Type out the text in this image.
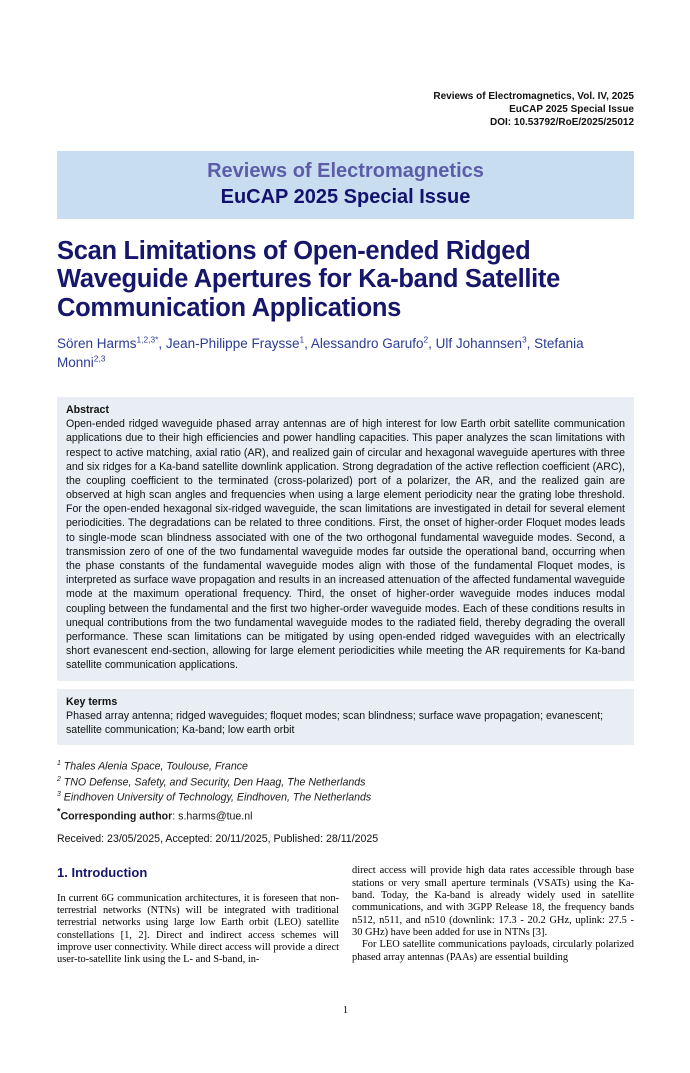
Reviews of Electromagnetics, Vol. IV, 2025
EuCAP 2025 Special Issue
DOI: 10.53792/RoE/2025/25012
Reviews of Electromagnetics
EuCAP 2025 Special Issue
Scan Limitations of Open-ended Ridged Waveguide Apertures for Ka-band Satellite Communication Applications
Sören Harms$^{1,2,3*}$, Jean-Philippe Fraysse$^1$, Alessandro Garufo$^2$, Ulf Johannsen$^3$, Stefania Monni$^{2,3}$
Abstract
Open-ended ridged waveguide phased array antennas are of high interest for low Earth orbit satellite communication applications due to their high efficiencies and power handling capacities. This paper analyzes the scan limitations with respect to active matching, axial ratio (AR), and realized gain of circular and hexagonal waveguide apertures with three and six ridges for a Ka-band satellite downlink application. Strong degradation of the active reflection coefficient (ARC), the coupling coefficient to the terminated (cross-polarized) port of a polarizer, the AR, and the realized gain are observed at high scan angles and frequencies when using a large element periodicity near the grating lobe threshold. For the open-ended hexagonal six-ridged waveguide, the scan limitations are investigated in detail for several element periodicities. The degradations can be related to three conditions. First, the onset of higher-order Floquet modes leads to single-mode scan blindness associated with one of the two orthogonal fundamental waveguide modes. Second, a transmission zero of one of the two fundamental waveguide modes far outside the operational band, occurring when the phase constants of the fundamental waveguide modes align with those of the fundamental Floquet modes, is interpreted as surface wave propagation and results in an increased attenuation of the affected fundamental waveguide mode at the maximum operational frequency. Third, the onset of higher-order waveguide modes induces modal coupling between the fundamental and the first two higher-order waveguide modes. Each of these conditions results in unequal contributions from the two fundamental waveguide modes to the radiated field, thereby degrading the overall performance. These scan limitations can be mitigated by using open-ended ridged waveguides with an electrically short evanescent end-section, allowing for large element periodicities while meeting the AR requirements for Ka-band satellite communication applications.
Key terms
Phased array antenna; ridged waveguides; floquet modes; scan blindness; surface wave propagation; evanescent; satellite communication; Ka-band; low earth orbit
$^1$ Thales Alenia Space, Toulouse, France
$^2$ TNO Defense, Safety, and Security, Den Haag, The Netherlands
$^3$ Eindhoven University of Technology, Eindhoven, The Netherlands
*Corresponding author: s.harms@tue.nl
Received: 23/05/2025, Accepted: 20/11/2025, Published: 28/11/2025
1. Introduction

In current 6G communication architectures, it is foreseen that non-terrestrial networks (NTNs) will be integrated with traditional terrestrial networks using large low Earth orbit (LEO) satellite constellations [1, 2]. Direct and indirect access schemes will improve user connectivity. While direct access will provide a direct user-to-satellite link using the L- and S-band, in-

direct access will provide high data rates accessible through base stations or very small aperture terminals (VSATs) using the Ka-band. Today, the Ka-band is already widely used in satellite communications, and with 3GPP Release 18, the frequency bands n512, n511, and n510 (downlink: 17.3 - 20.2 GHz, uplink: 27.5 - 30 GHz) have been added for use in NTNs [3].

For LEO satellite communications payloads, circularly polarized phased array antennas (PAAs) are essential building

1
